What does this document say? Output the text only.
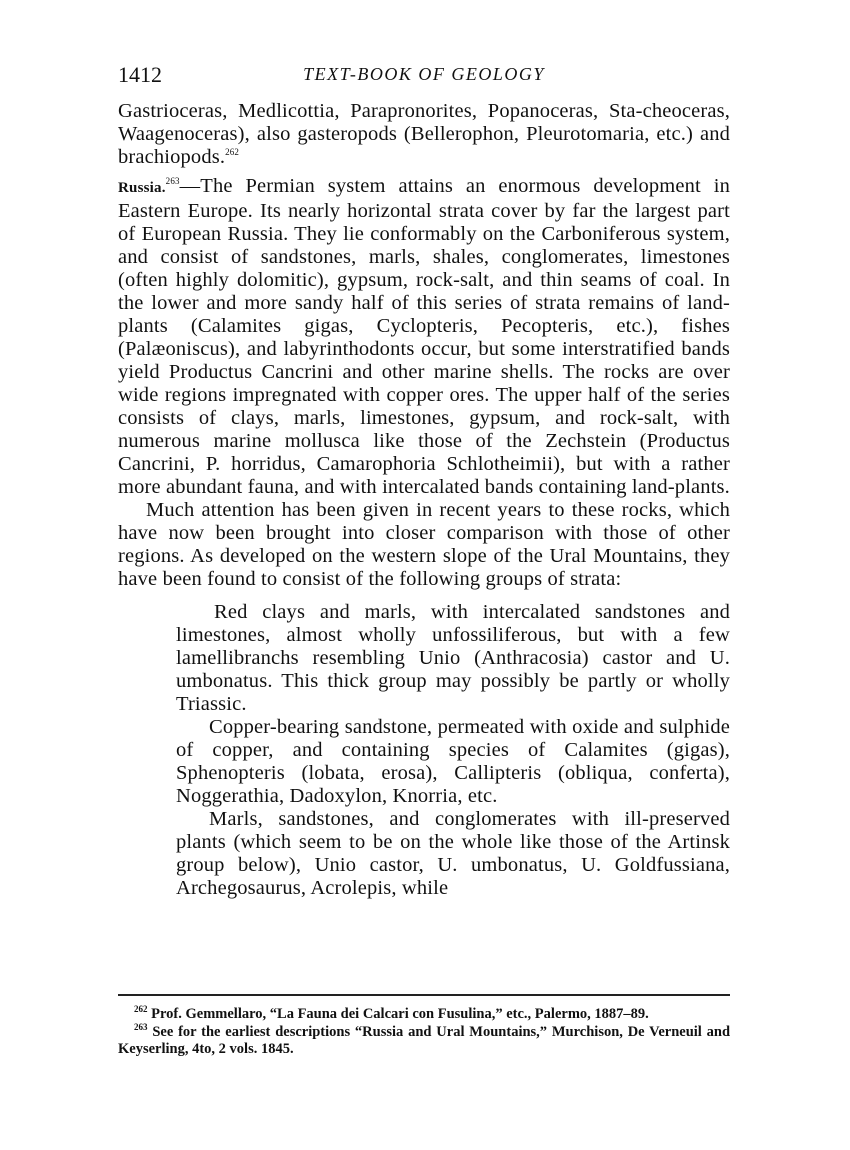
1412	TEXT-BOOK OF GEOLOGY

Gastrioceras, Medlicottia, Parapronorites, Popanoceras, Sta-cheoceras, Waagenoceras), also gasteropods (Bellerophon, Pleurotomaria, etc.) and brachiopods.$^{262}$

Russia.$^{263}$—The Permian system attains an enormous development in Eastern Europe. Its nearly horizontal strata cover by far the largest part of European Russia. They lie conformably on the Carboniferous system, and consist of sandstones, marls, shales, conglomerates, limestones (often highly dolomitic), gypsum, rock-salt, and thin seams of coal. In the lower and more sandy half of this series of strata remains of land-plants (Calamites gigas, Cyclopteris, Pecopteris, etc.), fishes (Palæoniscus), and labyrinthodonts occur, but some interstratified bands yield Productus Cancrini and other marine shells. The rocks are over wide regions impregnated with copper ores. The upper half of the series consists of clays, marls, limestones, gypsum, and rock-salt, with numerous marine mollusca like those of the Zechstein (Productus Cancrini, P. horridus, Camarophoria Schlotheimii), but with a rather more abundant fauna, and with intercalated bands containing land-plants.

Much attention has been given in recent years to these rocks, which have now been brought into closer comparison with those of other regions. As developed on the western slope of the Ural Mountains, they have been found to consist of the following groups of strata:

Red clays and marls, with intercalated sandstones and limestones, almost wholly unfossiliferous, but with a few lamellibranchs resembling Unio (Anthracosia) castor and U. umbonatus. This thick group may possibly be partly or wholly Triassic.

Copper-bearing sandstone, permeated with oxide and sulphide of copper, and containing species of Calamites (gigas), Sphenopteris (lobata, erosa), Callipteris (obliqua, conferta), Noggerathia, Dadoxylon, Knorria, etc.

Marls, sandstones, and conglomerates with ill-preserved plants (which seem to be on the whole like those of the Artinsk group below), Unio castor, U. umbonatus, U. Goldfussiana, Archegosaurus, Acrolepis, while

$^{262}$ Prof. Gemmellaro, “La Fauna dei Calcari con Fusulina,” etc., Palermo, 1887–89.

$^{263}$ See for the earliest descriptions “Russia and Ural Mountains,” Murchison, De Verneuil and Keyserling, 4to, 2 vols. 1845.
